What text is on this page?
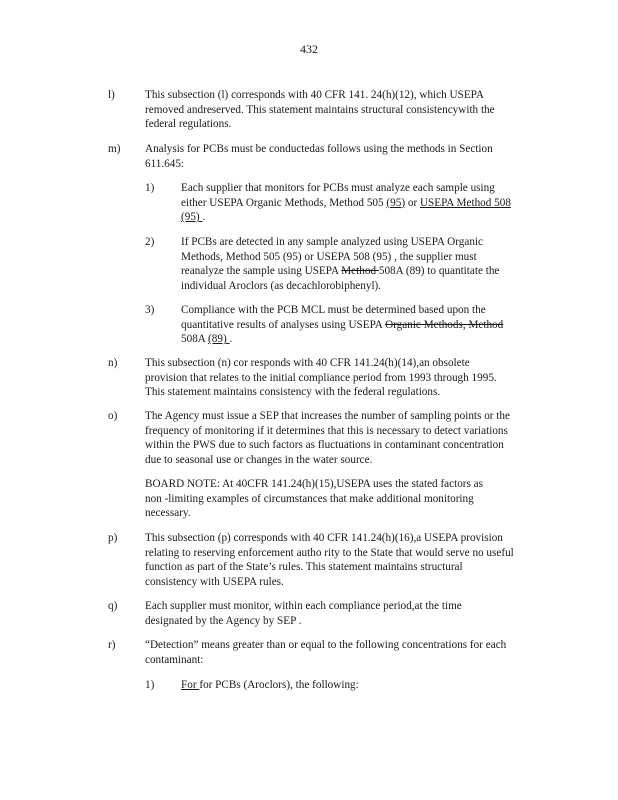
432
l)	This subsection (l) corresponds with 40 CFR 141. 24(h)(12), which USEPA
removed andreserved. This statement maintains structural consistencywith the
federal regulations.
m) Analysis for PCBs must be conductedas follows using the methods in Section
611.645:
1) Each supplier that monitors for PCBs must analyze each sample using
either USEPA Organic Methods, Method 505 (95) or USEPA Method 508
(95) .
2) If PCBs are detected in any sample analyzed using USEPA Organic
Methods, Method 505 (95) or USEPA 508 (95) , the supplier must
reanalyze the sample using USEPA Method 508A (89) to quantitate the
individual Aroclors (as decachlorobiphenyl).
3) Compliance with the PCB MCL must be determined based upon the
quantitative results of analyses using USEPA Organic Methods, Method
508A (89) .
n) This subsection (n) cor responds with 40 CFR 141.24(h)(14),an obsolete
provision that relates to the initial compliance period from 1993 through 1995.
This statement maintains consistency with the federal regulations.
o) The Agency must issue a SEP that increases the number of sampling points or the
frequency of monitoring if it determines that this is necessary to detect variations
within the PWS due to such factors as fluctuations in contaminant concentration
due to seasonal use or changes in the water source.
BOARD NOTE: At 40CFR 141.24(h)(15),USEPA uses the stated factors as
non -limiting examples of circumstances that make additional monitoring
necessary.
p) This subsection (p) corresponds with 40 CFR 141.24(h)(16),a USEPA provision
relating to reserving enforcement autho rity to the State that would serve no useful
function as part of the State’s rules. This statement maintains structural
consistency with USEPA rules.
q) Each supplier must monitor, within each compliance period,at the time
designated by the Agency by SEP .
r)	“Detection” means greater than or equal to the following concentrations for each
contaminant:
1) For for PCBs (Aroclors), the following:
